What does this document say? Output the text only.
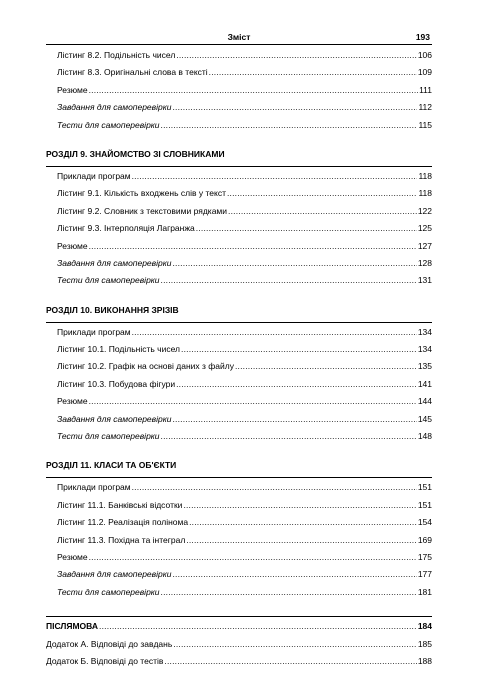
Зміст	193
Лістинг 8.2. Подільність чисел .....	106
Лістинг 8.3. Оригінальні слова в тексті .....	109
Резюме .....	111
Завдання для самоперевірки .....	112
Тести для самоперевірки .....	115
РОЗДІЛ 9. ЗНАЙОМСТВО ЗІ СЛОВНИКАМИ
Приклади програм .....	118
Лістинг 9.1. Кількість входжень слів у текст .....	118
Лістинг 9.2. Словник з текстовими рядками .....	122
Лістинг 9.3. Інтерполяція Лагранжа .....	125
Резюме .....	127
Завдання для самоперевірки .....	128
Тести для самоперевірки .....	131
РОЗДІЛ 10. ВИКОНАННЯ ЗРІЗІВ
Приклади програм .....	134
Лістинг 10.1. Подільність чисел .....	134
Лістинг 10.2. Графік на основі даних з файлу .....	135
Лістинг 10.3. Побудова фігури .....	141
Резюме .....	144
Завдання для самоперевірки .....	145
Тести для самоперевірки .....	148
РОЗДІЛ 11. КЛАСИ ТА ОБ'ЄКТИ
Приклади програм .....	151
Лістинг 11.1. Банківські відсотки .....	151
Лістинг 11.2. Реалізація полінома .....	154
Лістинг 11.3. Похідна та інтеграл .....	169
Резюме .....	175
Завдання для самоперевірки .....	177
Тести для самоперевірки .....	181
ПІСЛЯМОВА .....	184
Додаток А. Відповіді до завдань .....	185
Додаток Б. Відповіді до тестів .....	188
